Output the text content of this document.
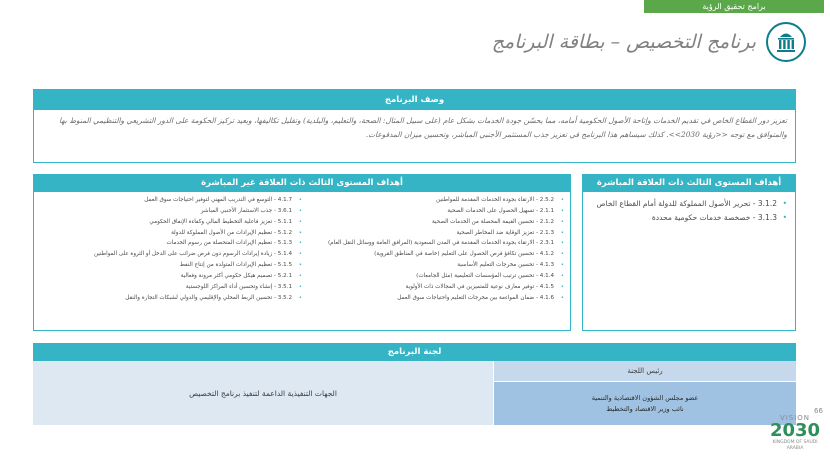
برامج تحقيق الرؤية
برنامج التخصيص – بطاقة البرنامج
وصف البرنامج

تعزيز دور القطاع الخاص في تقديم الخدمات وإتاحة الأصول الحكومية أمامه، مما يحسّن جودة الخدمات بشكل عام (على سبيل المثال: الصحة، والتعليم، والبلدية) وتقليل تكاليفها، وبعيد تركيز الحكومة على الدور التشريعي والتنظيمي المنوط بها والمتوافق مع توجه <<رؤية 2030>>. كذلك سيساهم هذا البرنامج في تعزيز جذب المستثمر الأجنبي المباشر، وتحسين ميزان المدفوعات.

أهداف المستوى الثالث ذات العلاقة المباشرة
• 3.1.2 - تحرير الأصول المملوكة للدولة أمام القطاع الخاص
• 3.1.3 - خصخصة خدمات حكومية محددة
أهداف المستوى الثالث ذات العلاقة غير المباشرة
• 2.5.2 - الارتقاء بجودة الخدمات المقدمة للمواطنين
• 2.1.1 - تسهيل الحصول على الخدمات الصحية
• 2.1.2 - تحسين القيمة المحصلة من الخدمات الصحية
• 2.1.3 - تعزيز الوقاية ضد المخاطر الصحية
• 2.3.1 - الارتقاء بجودة الخدمات المقدمة في المدن السعودية (المرافق العامة ووسائل النقل العام)
• 4.1.2 - تحسين تكافؤ فرص الحصول على التعليم (خاصة في المناطق القروية)
• 4.1.3 - تحسين مخرجات التعليم الأساسية
• 4.1.4 - تحسين ترتيب المؤسسات التعليمية (مثل الجامعات)
• 4.1.5 - توفير معارف نوعية للمتميزين في المجالات ذات الأولوية
• 4.1.6 - ضمان المواءمة بين مخرجات التعليم واحتياجات سوق العمل
• 4.1.7 - التوسع في التدريب المهني لتوفير احتياجات سوق العمل
• 3.6.1 - جذب الاستثمار الأجنبي المباشر
• 5.1.1 - تعزيز فاعلية التخطيط المالي وكفاءة الإنفاق الحكومي
• 5.1.2 - تعظيم الإيرادات من الأصول المملوكة للدولة
• 5.1.3 - تعظيم الإيرادات المتحصلة من رسوم الخدمات
• 5.1.4 - زيادة إيرادات الرسوم دون فرض ضرائب على الدخل أو الثروة على المواطنين
• 5.1.5 - تعظيم الإيرادات المتولدة من إنتاج النفط
• 5.2.1 - تصميم هيكل حكومي أكثر مرونة وفعالية
• 3.5.1 - إنشاء وتحسين أداء المراكز اللوجستية
• 3.5.2 - تحسين الربط المحلي والإقليمي والدولي لشبكات التجارة والنقل
لجنة البرنامج
الجهات التنفيذية الداعمة لتنفيذ برنامج التخصيص
رئيس اللجنة
عضو مجلس الشؤون الاقتصادية والتنمية
نائب وزير الاقتصاد والتخطيط	66
VISION
2030
KINGDOM OF SAUDI ARABIA
